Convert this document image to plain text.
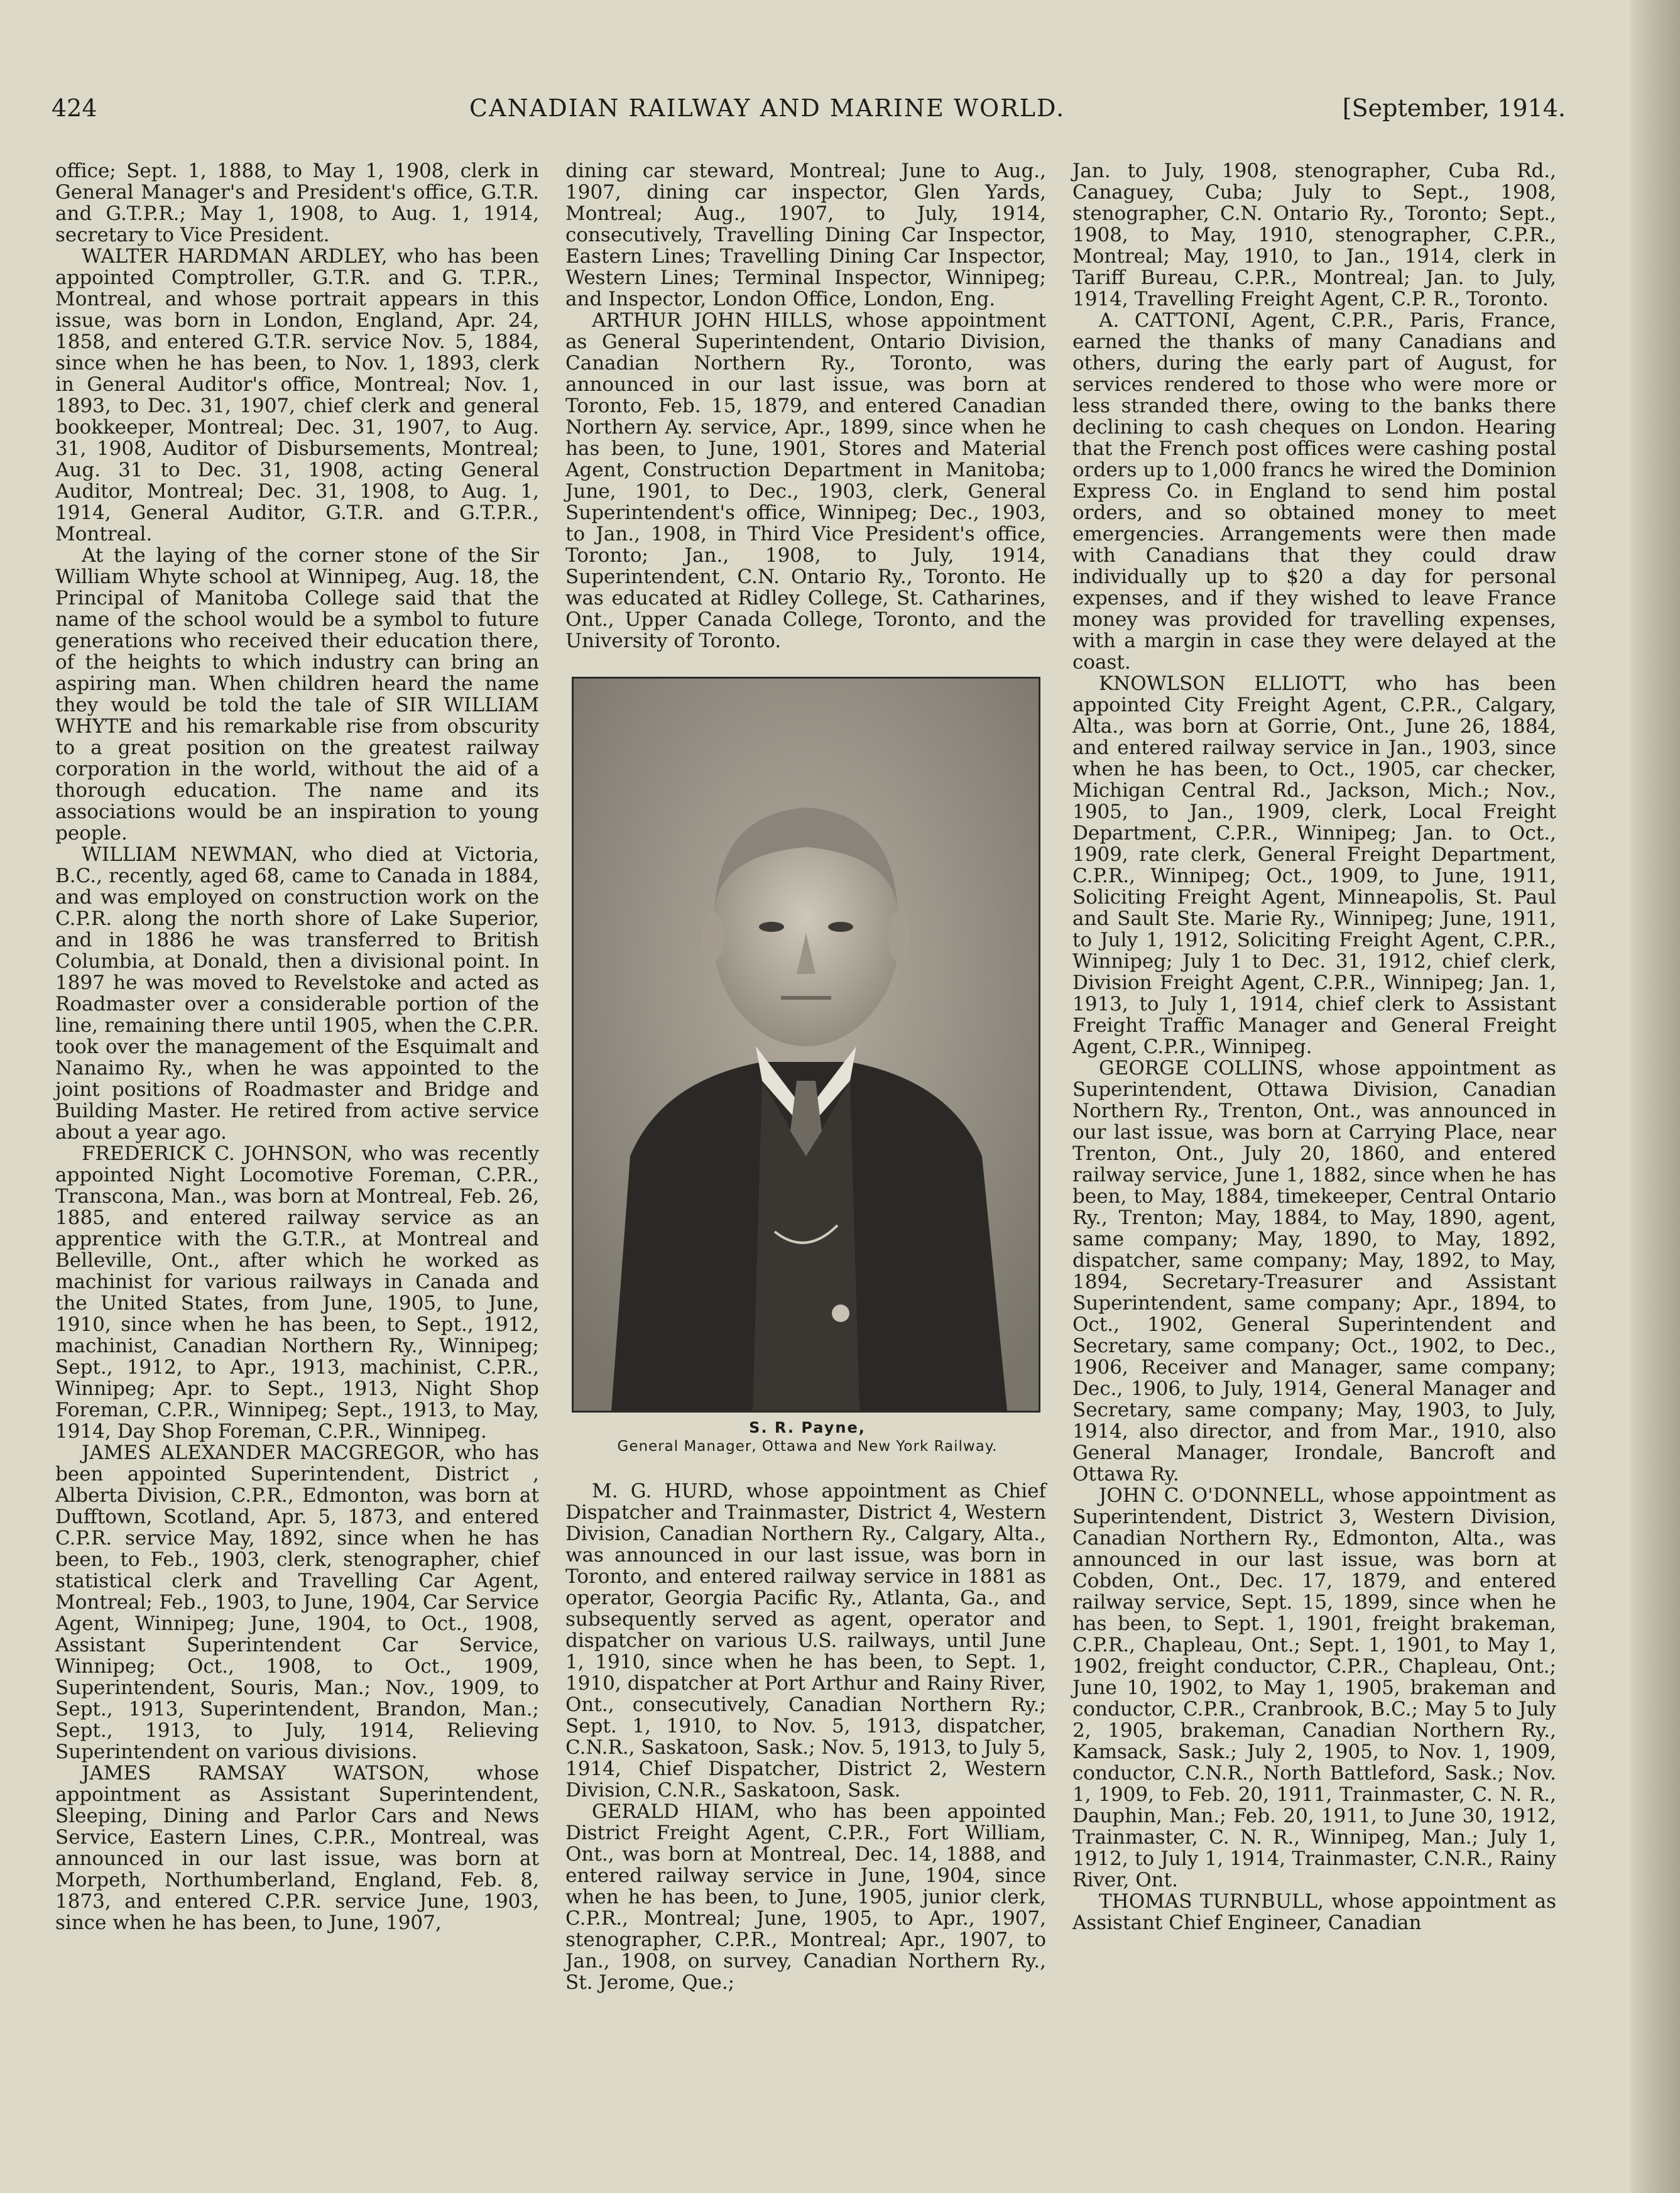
424	CANADIAN RAILWAY AND MARINE WORLD.	[September, 1914.

office; Sept. 1, 1888, to May 1, 1908, clerk in General Manager's and President's office, G.T.R. and G.T.P.R.; May 1, 1908, to Aug. 1, 1914, secretary to Vice President.

WALTER HARDMAN ARDLEY, who has been appointed Comptroller, G.T.R. and G. T.P.R., Montreal, and whose portrait appears in this issue, was born in London, England, Apr. 24, 1858, and entered G.T.R. service Nov. 5, 1884, since when he has been, to Nov. 1, 1893, clerk in General Auditor's office, Montreal; Nov. 1, 1893, to Dec. 31, 1907, chief clerk and general bookkeeper, Montreal; Dec. 31, 1907, to Aug. 31, 1908, Auditor of Disbursements, Montreal; Aug. 31 to Dec. 31, 1908, acting General Auditor, Montreal; Dec. 31, 1908, to Aug. 1, 1914, General Auditor, G.T.R. and G.T.P.R., Montreal.

At the laying of the corner stone of the Sir William Whyte school at Winnipeg, Aug. 18, the Principal of Manitoba College said that the name of the school would be a symbol to future generations who received their education there, of the heights to which industry can bring an aspiring man. When children heard the name they would be told the tale of SIR WILLIAM WHYTE and his remarkable rise from obscurity to a great position on the greatest railway corporation in the world, without the aid of a thorough education. The name and its associations would be an inspiration to young people.

WILLIAM NEWMAN, who died at Victoria, B.C., recently, aged 68, came to Canada in 1884, and was employed on construction work on the C.P.R. along the north shore of Lake Superior, and in 1886 he was transferred to British Columbia, at Donald, then a divisional point. In 1897 he was moved to Revelstoke and acted as Roadmaster over a considerable portion of the line, remaining there until 1905, when the C.P.R. took over the management of the Esquimalt and Nanaimo Ry., when he was appointed to the joint positions of Roadmaster and Bridge and Building Master. He retired from active service about a year ago.

FREDERICK C. JOHNSON, who was recently appointed Night Locomotive Foreman, C.P.R., Transcona, Man., was born at Montreal, Feb. 26, 1885, and entered railway service as an apprentice with the G.T.R., at Montreal and Belleville, Ont., after which he worked as machinist for various railways in Canada and the United States, from June, 1905, to June, 1910, since when he has been, to Sept., 1912, machinist, Canadian Northern Ry., Winnipeg; Sept., 1912, to Apr., 1913, machinist, C.P.R., Winnipeg; Apr. to Sept., 1913, Night Shop Foreman, C.P.R., Winnipeg; Sept., 1913, to May, 1914, Day Shop Foreman, C.P.R., Winnipeg.

JAMES ALEXANDER MACGREGOR, who has been appointed Superintendent, District , Alberta Division, C.P.R., Edmonton, was born at Dufftown, Scotland, Apr. 5, 1873, and entered C.P.R. service May, 1892, since when he has been, to Feb., 1903, clerk, stenographer, chief statistical clerk and Travelling Car Agent, Montreal; Feb., 1903, to June, 1904, Car Service Agent, Winnipeg; June, 1904, to Oct., 1908, Assistant Superintendent Car Service, Winnipeg; Oct., 1908, to Oct., 1909, Superintendent, Souris, Man.; Nov., 1909, to Sept., 1913, Superintendent, Brandon, Man.; Sept., 1913, to July, 1914, Relieving Superintendent on various divisions.

JAMES RAMSAY WATSON, whose appointment as Assistant Superintendent, Sleeping, Dining and Parlor Cars and News Service, Eastern Lines, C.P.R., Montreal, was announced in our last issue, was born at Morpeth, Northumberland, England, Feb. 8, 1873, and entered C.P.R. service June, 1903, since when he has been, to June, 1907,

dining car steward, Montreal; June to Aug., 1907, dining car inspector, Glen Yards, Montreal; Aug., 1907, to July, 1914, consecutively, Travelling Dining Car Inspector, Eastern Lines; Travelling Dining Car Inspector, Western Lines; Terminal Inspector, Winnipeg; and Inspector, London Office, London, Eng.

ARTHUR JOHN HILLS, whose appointment as General Superintendent, Ontario Division, Canadian Northern Ry., Toronto, was announced in our last issue, was born at Toronto, Feb. 15, 1879, and entered Canadian Northern Ay. service, Apr., 1899, since when he has been, to June, 1901, Stores and Material Agent, Construction Department in Manitoba; June, 1901, to Dec., 1903, clerk, General Superintendent's office, Winnipeg; Dec., 1903, to Jan., 1908, in Third Vice President's office, Toronto; Jan., 1908, to July, 1914, Superintendent, C.N. Ontario Ry., Toronto. He was educated at Ridley College, St. Catharines, Ont., Upper Canada College, Toronto, and the University of Toronto.

S. R. Payne,
General Manager, Ottawa and New York Railway.

M. G. HURD, whose appointment as Chief Dispatcher and Trainmaster, District 4, Western Division, Canadian Northern Ry., Calgary, Alta., was announced in our last issue, was born in Toronto, and entered railway service in 1881 as operator, Georgia Pacific Ry., Atlanta, Ga., and subsequently served as agent, operator and dispatcher on various U.S. railways, until June 1, 1910, since when he has been, to Sept. 1, 1910, dispatcher at Port Arthur and Rainy River, Ont., consecutively, Canadian Northern Ry.; Sept. 1, 1910, to Nov. 5, 1913, dispatcher, C.N.R., Saskatoon, Sask.; Nov. 5, 1913, to July 5, 1914, Chief Dispatcher, District 2, Western Division, C.N.R., Saskatoon, Sask.

GERALD HIAM, who has been appointed District Freight Agent, C.P.R., Fort William, Ont., was born at Montreal, Dec. 14, 1888, and entered railway service in June, 1904, since when he has been, to June, 1905, junior clerk, C.P.R., Montreal; June, 1905, to Apr., 1907, stenographer, C.P.R., Montreal; Apr., 1907, to Jan., 1908, on survey, Canadian Northern Ry., St. Jerome, Que.;

Jan. to July, 1908, stenographer, Cuba Rd., Canaguey, Cuba; July to Sept., 1908, stenographer, C.N. Ontario Ry., Toronto; Sept., 1908, to May, 1910, stenographer, C.P.R., Montreal; May, 1910, to Jan., 1914, clerk in Tariff Bureau, C.P.R., Montreal; Jan. to July, 1914, Travelling Freight Agent, C.P. R., Toronto.

A. CATTONI, Agent, C.P.R., Paris, France, earned the thanks of many Canadians and others, during the early part of August, for services rendered to those who were more or less stranded there, owing to the banks there declining to cash cheques on London. Hearing that the French post offices were cashing postal orders up to 1,000 francs he wired the Dominion Express Co. in England to send him postal orders, and so obtained money to meet emergencies. Arrangements were then made with Canadians that they could draw individually up to $20 a day for personal expenses, and if they wished to leave France money was provided for travelling expenses, with a margin in case they were delayed at the coast.

KNOWLSON ELLIOTT, who has been appointed City Freight Agent, C.P.R., Calgary, Alta., was born at Gorrie, Ont., June 26, 1884, and entered railway service in Jan., 1903, since when he has been, to Oct., 1905, car checker, Michigan Central Rd., Jackson, Mich.; Nov., 1905, to Jan., 1909, clerk, Local Freight Department, C.P.R., Winnipeg; Jan. to Oct., 1909, rate clerk, General Freight Department, C.P.R., Winnipeg; Oct., 1909, to June, 1911, Soliciting Freight Agent, Minneapolis, St. Paul and Sault Ste. Marie Ry., Winnipeg; June, 1911, to July 1, 1912, Soliciting Freight Agent, C.P.R., Winnipeg; July 1 to Dec. 31, 1912, chief clerk, Division Freight Agent, C.P.R., Winnipeg; Jan. 1, 1913, to July 1, 1914, chief clerk to Assistant Freight Traffic Manager and General Freight Agent, C.P.R., Winnipeg.

GEORGE COLLINS, whose appointment as Superintendent, Ottawa Division, Canadian Northern Ry., Trenton, Ont., was announced in our last issue, was born at Carrying Place, near Trenton, Ont., July 20, 1860, and entered railway service, June 1, 1882, since when he has been, to May, 1884, timekeeper, Central Ontario Ry., Trenton; May, 1884, to May, 1890, agent, same company; May, 1890, to May, 1892, dispatcher, same company; May, 1892, to May, 1894, Secretary-Treasurer and Assistant Superintendent, same company; Apr., 1894, to Oct., 1902, General Superintendent and Secretary, same company; Oct., 1902, to Dec., 1906, Receiver and Manager, same company; Dec., 1906, to July, 1914, General Manager and Secretary, same company; May, 1903, to July, 1914, also director, and from Mar., 1910, also General Manager, Irondale, Bancroft and Ottawa Ry.

JOHN C. O'DONNELL, whose appointment as Superintendent, District 3, Western Division, Canadian Northern Ry., Edmonton, Alta., was announced in our last issue, was born at Cobden, Ont., Dec. 17, 1879, and entered railway service, Sept. 15, 1899, since when he has been, to Sept. 1, 1901, freight brakeman, C.P.R., Chapleau, Ont.; Sept. 1, 1901, to May 1, 1902, freight conductor, C.P.R., Chapleau, Ont.; June 10, 1902, to May 1, 1905, brakeman and conductor, C.P.R., Cranbrook, B.C.; May 5 to July 2, 1905, brakeman, Canadian Northern Ry., Kamsack, Sask.; July 2, 1905, to Nov. 1, 1909, conductor, C.N.R., North Battleford, Sask.; Nov. 1, 1909, to Feb. 20, 1911, Trainmaster, C. N. R., Dauphin, Man.; Feb. 20, 1911, to June 30, 1912, Trainmaster, C. N. R., Winnipeg, Man.; July 1, 1912, to July 1, 1914, Trainmaster, C.N.R., Rainy River, Ont.

THOMAS TURNBULL, whose appointment as Assistant Chief Engineer, Canadian
